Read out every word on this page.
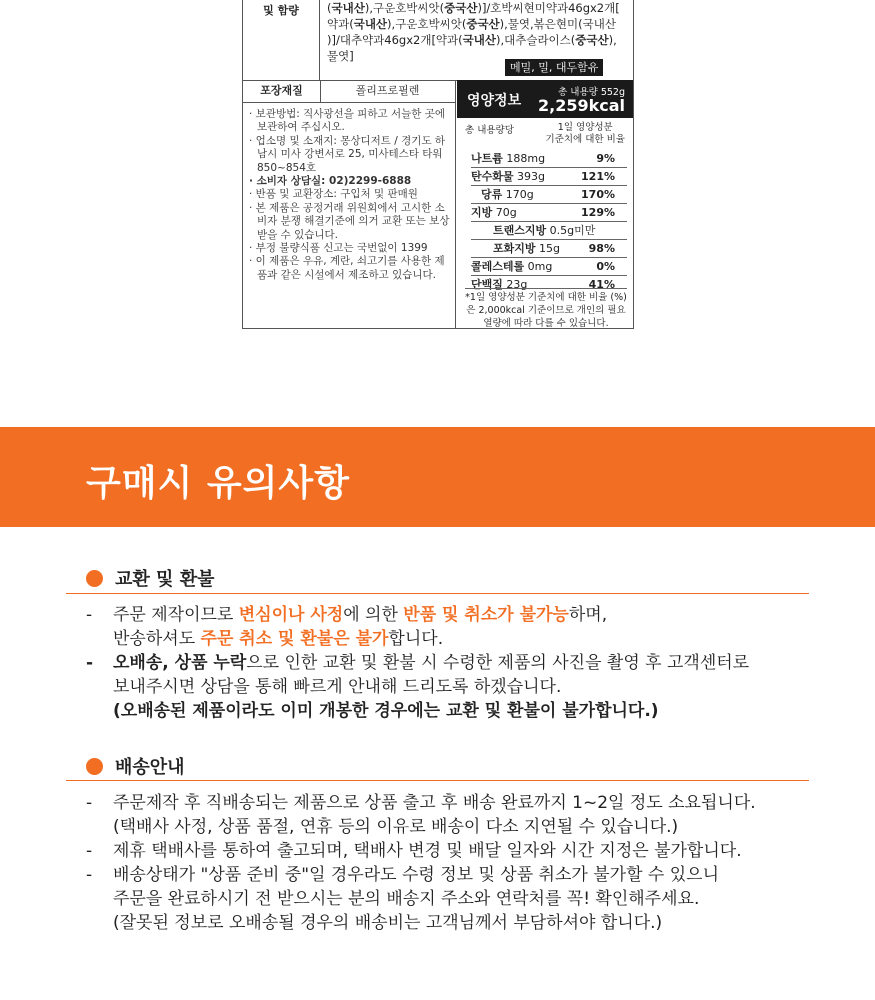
및 함량	(국내산),구운호박씨앗(중국산)]/호박씨현미약과46gx2개[
약과(국내산),구운호박씨앗(중국산),물엿,볶은현미(국내산
)]/대추약과46gx2개[약과(국내산),대추슬라이스(중국산),
물엿]
메밀, 밀, 대두함유
포장재질	폴리프로필렌
· 보관방법: 직사광선을 피하고 서늘한 곳에 보관하여 주십시오.
· 업소명 및 소재지: 몽상디저트 / 경기도 하남시 미사 강변서로 25, 미사테스타 타워 850~854호
· 소비자 상담실: 02)2299-6888
· 반품 및 교환장소: 구입처 및 판매원
· 본 제품은 공정거래 위원회에서 고시한 소비자 분쟁 해결기준에 의거 교환 또는 보상 받을 수 있습니다.
· 부정 불량식품 신고는 국번없이 1399
· 이 제품은 우유, 계란, 쇠고기를 사용한 제품과 같은 시설에서 제조하고 있습니다.
영양정보
총 내용량 552g
2,259kcal
총 내용량당	1일 영양성분
기준치에 대한 비율
나트륨 188mg	9%
탄수화물 393g	121%
당류 170g	170%
지방 70g	129%
트랜스지방 0.5g미만
포화지방 15g	98%
콜레스테롤 0mg	0%
단백질 23g	41%
*1일 영양성분 기준치에 대한 비율 (%)은 2,000kcal 기준이므로 개인의 필요 열량에 따라 다를 수 있습니다.
구매시 유의사항
교환 및 환불
- 주문 제작이므로 변심이나 사정에 의한 반품 및 취소가 불가능하며,
반송하셔도 주문 취소 및 환불은 불가합니다.
- 오배송, 상품 누락으로 인한 교환 및 환불 시 수령한 제품의 사진을 촬영 후 고객센터로
보내주시면 상담을 통해 빠르게 안내해 드리도록 하겠습니다.
(오배송된 제품이라도 이미 개봉한 경우에는 교환 및 환불이 불가합니다.)
배송안내
- 주문제작 후 직배송되는 제품으로 상품 출고 후 배송 완료까지 1~2일 정도 소요됩니다.
(택배사 사정, 상품 품절, 연휴 등의 이유로 배송이 다소 지연될 수 있습니다.)
- 제휴 택배사를 통하여 출고되며, 택배사 변경 및 배달 일자와 시간 지정은 불가합니다.
- 배송상태가 "상품 준비 중"일 경우라도 수령 정보 및 상품 취소가 불가할 수 있으니
주문을 완료하시기 전 받으시는 분의 배송지 주소와 연락처를 꼭! 확인해주세요.
(잘못된 정보로 오배송될 경우의 배송비는 고객님께서 부담하셔야 합니다.)
